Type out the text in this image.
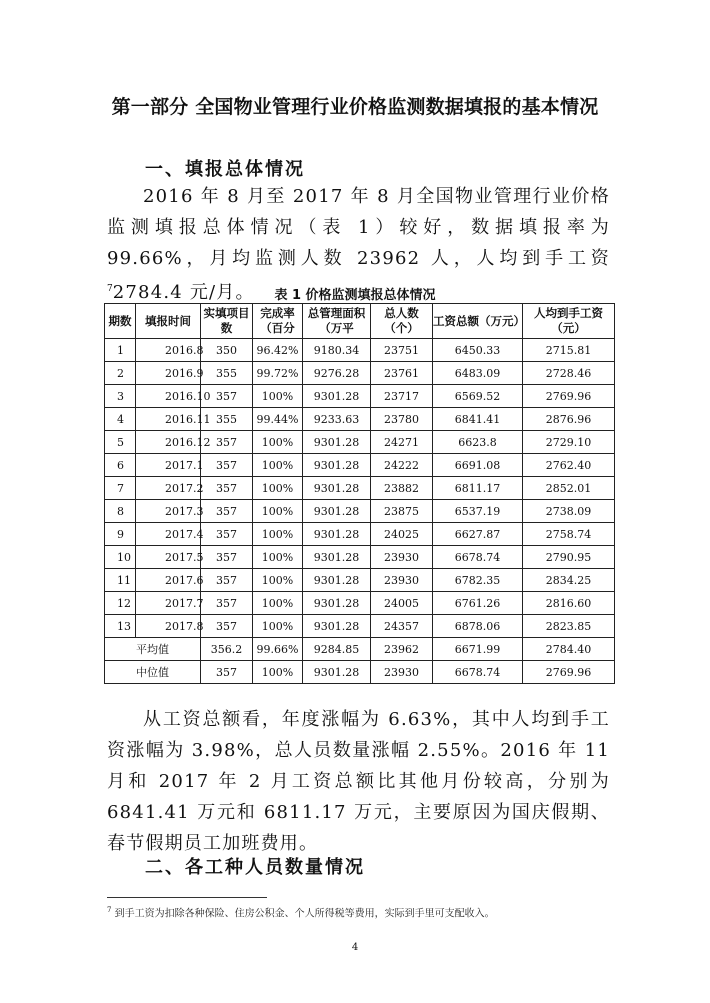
第一部分 全国物业管理行业价格监测数据填报的基本情况
一、填报总体情况
2016 年 8 月至 2017 年 8 月全国物业管理行业价格监测填报总体情况（表 1）较好，数据填报率为 99.66%，月均监测人数 23962 人，人均到手工资$^7$2784.4 元/月。	表 1 价格监测填报总体情况
期数	填报时间	实填项目数	完成率（百分	总管理面积（万平	总人数（个）	工资总额（万元）	人均到手工资（元）
1	2016.8	350	96.42%	9180.34	23751	6450.33	2715.81
2	2016.9	355	99.72%	9276.28	23761	6483.09	2728.46
3	2016.10	357	100%	9301.28	23717	6569.52	2769.96
4	2016.11	355	99.44%	9233.63	23780	6841.41	2876.96
5	2016.12	357	100%	9301.28	24271	6623.8	2729.10
6	2017.1	357	100%	9301.28	24222	6691.08	2762.40
7	2017.2	357	100%	9301.28	23882	6811.17	2852.01
8	2017.3	357	100%	9301.28	23875	6537.19	2738.09
9	2017.4	357	100%	9301.28	24025	6627.87	2758.74
10	2017.5	357	100%	9301.28	23930	6678.74	2790.95
11	2017.6	357	100%	9301.28	23930	6782.35	2834.25
12	2017.7	357	100%	9301.28	24005	6761.26	2816.60
13	2017.8	357	100%	9301.28	24357	6878.06	2823.85
平均值		356.2	99.66%	9284.85	23962	6671.99	2784.40
中位值		357	100%	9301.28	23930	6678.74	2769.96
从工资总额看，年度涨幅为 6.63%，其中人均到手工资涨幅为 3.98%，总人员数量涨幅 2.55%。2016 年 11 月和 2017 年 2 月工资总额比其他月份较高，分别为 6841.41 万元和 6811.17 万元，主要原因为国庆假期、春节假期员工加班费用。
二、各工种人员数量情况
$^7$ 到手工资为扣除各种保险、住房公积金、个人所得税等费用，实际到手里可支配收入。
4
